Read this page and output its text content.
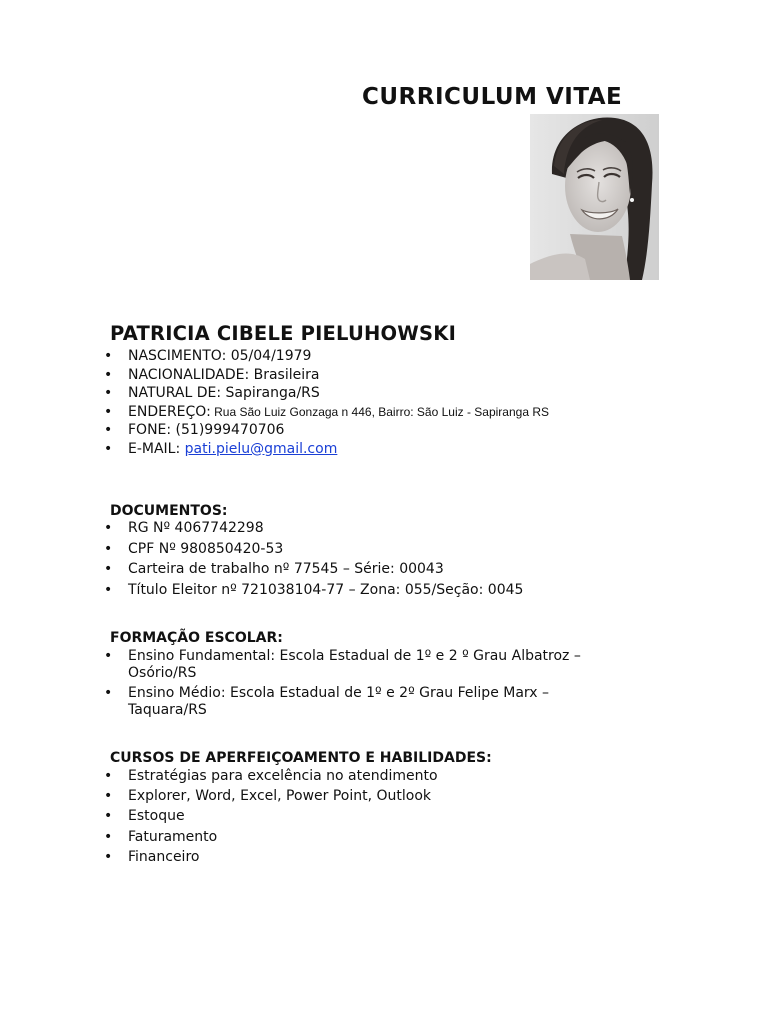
CURRICULUM VITAE
PATRICIA CIBELE PIELUHOWSKI
• NASCIMENTO: 05/04/1979
• NACIONALIDADE: Brasileira
• NATURAL DE: Sapiranga/RS
• ENDEREÇO: Rua São Luiz Gonzaga n 446, Bairro: São Luiz - Sapiranga RS
• FONE: (51)999470706
• E-MAIL: pati.pielu@gmail.com
DOCUMENTOS:
• RG Nº 4067742298
• CPF Nº 980850420-53
• Carteira de trabalho nº 77545 – Série: 00043
• Título Eleitor nº 721038104-77 – Zona: 055/Seção: 0045
FORMAÇÃO ESCOLAR:
• Ensino Fundamental: Escola Estadual de 1º e 2 º Grau Albatroz – Osório/RS
• Ensino Médio: Escola Estadual de 1º e 2º Grau Felipe Marx – Taquara/RS
CURSOS DE APERFEIÇOAMENTO E HABILIDADES:
• Estratégias para excelência no atendimento
• Explorer, Word, Excel, Power Point, Outlook
• Estoque
• Faturamento
• Financeiro
